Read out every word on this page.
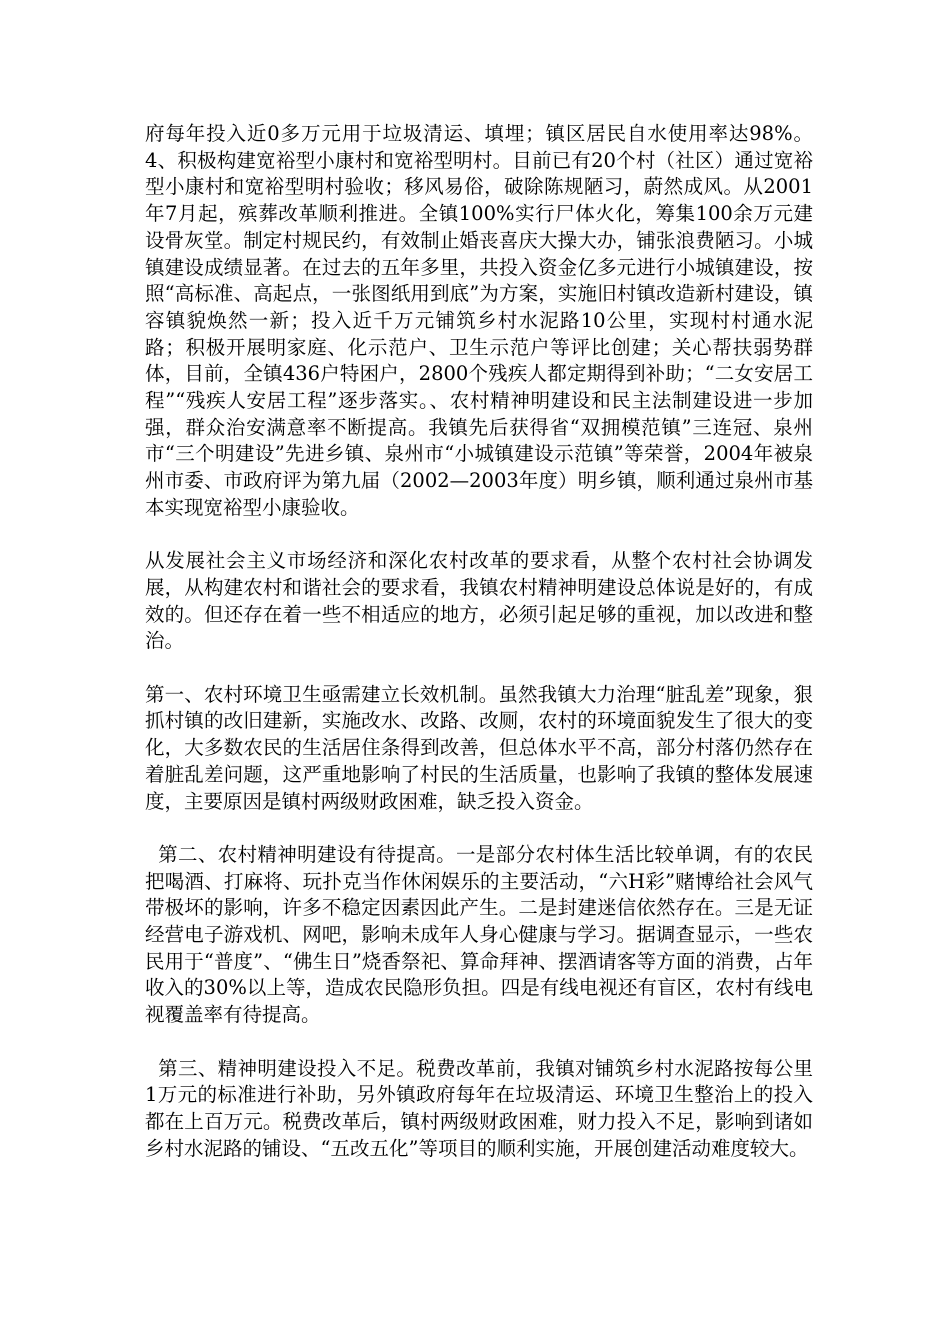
府每年投入近0多万元用于垃圾清运、填埋；镇区居民自水使用率达98%。4、积极构建宽裕型小康村和宽裕型明村。目前已有20个村（社区）通过宽裕型小康村和宽裕型明村验收；移风易俗，破除陈规陋习，蔚然成风。从2001年7月起，殡葬改革顺利推进。全镇100%实行尸体火化，筹集100余万元建设骨灰堂。制定村规民约，有效制止婚丧喜庆大操大办，铺张浪费陋习。小城镇建设成绩显著。在过去的五年多里，共投入资金亿多元进行小城镇建设，按照“高标准、高起点，一张图纸用到底”为方案，实施旧村镇改造新村建设，镇容镇貌焕然一新；投入近千万元铺筑乡村水泥路10公里，实现村村通水泥路；积极开展明家庭、化示范户、卫生示范户等评比创建；关心帮扶弱势群体，目前，全镇436户特困户，2800个残疾人都定期得到补助；“二女安居工程”“残疾人安居工程”逐步落实。、农村精神明建设和民主法制建设进一步加强，群众治安满意率不断提高。我镇先后获得省“双拥模范镇”三连冠、泉州市“三个明建设”先进乡镇、泉州市“小城镇建设示范镇”等荣誉，2004年被泉州市委、市政府评为第九届（2002—2003年度）明乡镇，顺利通过泉州市基本实现宽裕型小康验收。

从发展社会主义市场经济和深化农村改革的要求看，从整个农村社会协调发展，从构建农村和谐社会的要求看，我镇农村精神明建设总体说是好的，有成效的。但还存在着一些不相适应的地方，必须引起足够的重视，加以改进和整治。

第一、农村环境卫生亟需建立长效机制。虽然我镇大力治理“脏乱差”现象，狠抓村镇的改旧建新，实施改水、改路、改厕，农村的环境面貌发生了很大的变化，大多数农民的生活居住条得到改善，但总体水平不高，部分村落仍然存在着脏乱差问题，这严重地影响了村民的生活质量，也影响了我镇的整体发展速度，主要原因是镇村两级财政困难，缺乏投入资金。

第二、农村精神明建设有待提高。一是部分农村体生活比较单调，有的农民把喝酒、打麻将、玩扑克当作休闲娱乐的主要活动，“六H彩”赌博给社会风气带极坏的影响，许多不稳定因素因此产生。二是封建迷信依然存在。三是无证经营电子游戏机、网吧，影响未成年人身心健康与学习。据调查显示，一些农民用于“普度”、“佛生日”烧香祭祀、算命拜神、摆酒请客等方面的消费，占年收入的30%以上等，造成农民隐形负担。四是有线电视还有盲区，农村有线电视覆盖率有待提高。

第三、精神明建设投入不足。税费改革前，我镇对铺筑乡村水泥路按每公里1万元的标准进行补助，另外镇政府每年在垃圾清运、环境卫生整治上的投入都在上百万元。税费改革后，镇村两级财政困难，财力投入不足，影响到诸如乡村水泥路的铺设、“五改五化”等项目的顺利实施，开展创建活动难度较大。
